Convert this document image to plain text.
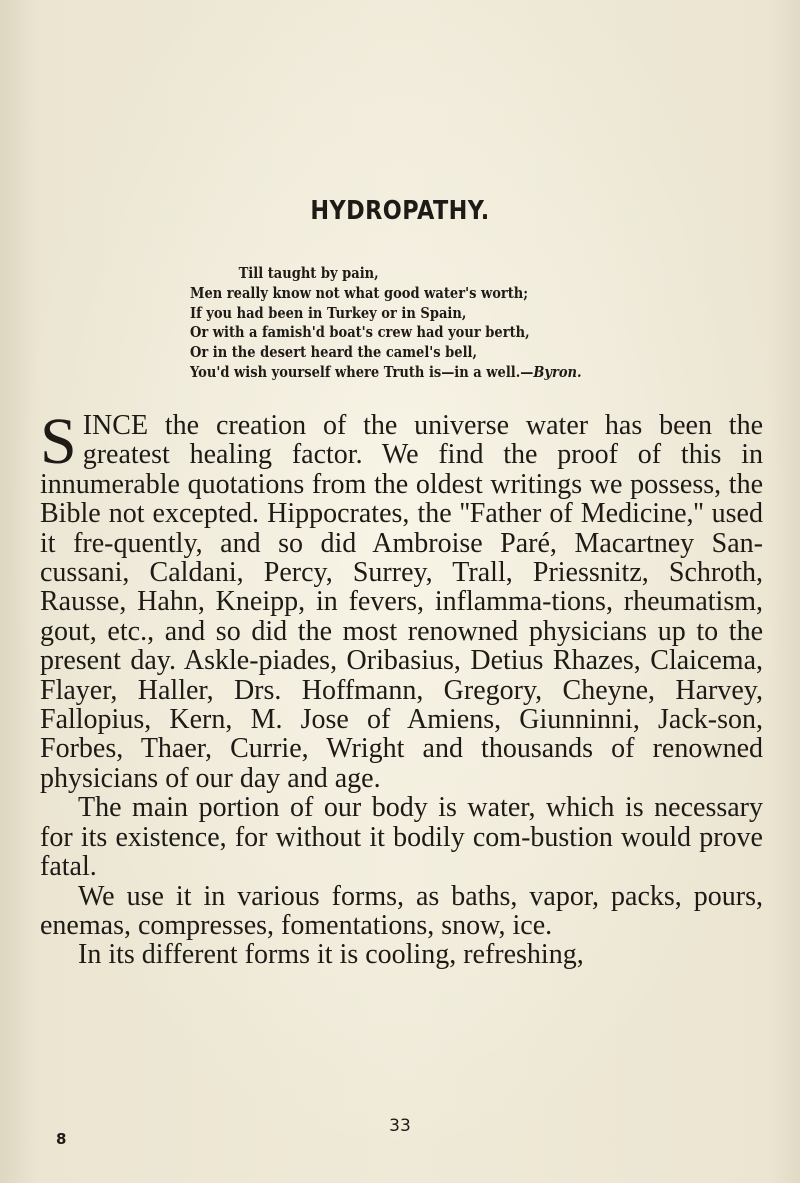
HYDROPATHY.
Till taught by pain,
Men really know not what good water's worth;
If you had been in Turkey or in Spain,
Or with a famish'd boat's crew had your berth,
Or in the desert heard the camel's bell,
You'd wish yourself where Truth is—in a well.—Byron.

SINCE the creation of the universe water has been the greatest healing factor. We find the proof of this in innumerable quotations from the oldest writings we possess, the Bible not excepted. Hippocrates, the ''Father of Medicine,'' used it fre-quently, and so did Ambroise Paré, Macartney San-cussani, Caldani, Percy, Surrey, Trall, Priessnitz, Schroth, Rausse, Hahn, Kneipp, in fevers, inflamma-tions, rheumatism, gout, etc., and so did the most renowned physicians up to the present day. Askle-piades, Oribasius, Detius Rhazes, Claicema, Flayer, Haller, Drs. Hoffmann, Gregory, Cheyne, Harvey, Fallopius, Kern, M. Jose of Amiens, Giunninni, Jack-son, Forbes, Thaer, Currie, Wright and thousands of renowned physicians of our day and age.

The main portion of our body is water, which is necessary for its existence, for without it bodily com-bustion would prove fatal.

We use it in various forms, as baths, vapor, packs, pours, enemas, compresses, fomentations, snow, ice.

In its different forms it is cooling, refreshing,

8
33
